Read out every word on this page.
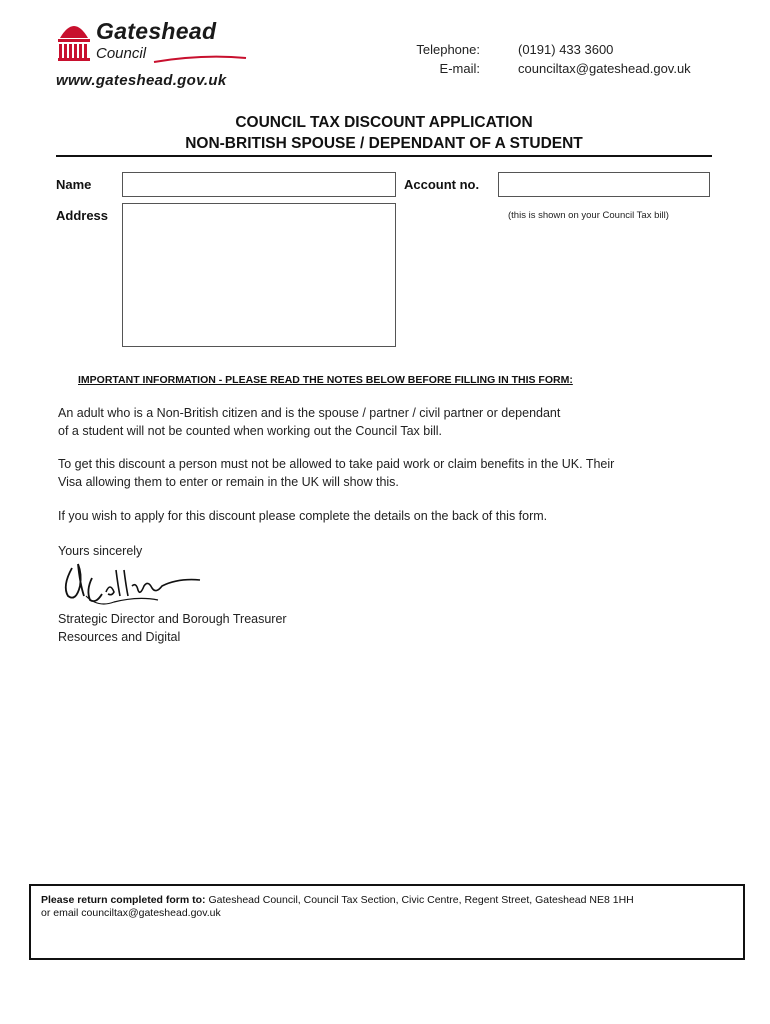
Gateshead
Council
www.gateshead.gov.uk
Telephone:
E-mail:
(0191) 433 3600
counciltax@gateshead.gov.uk
COUNCIL TAX DISCOUNT APPLICATION
NON-BRITISH SPOUSE / DEPENDANT OF A STUDENT
Name	Account no.
(this is shown on your Council Tax bill)
Address
IMPORTANT INFORMATION - PLEASE READ THE NOTES BELOW BEFORE FILLING IN THIS FORM:
An adult who is a Non-British citizen and is the spouse / partner / civil partner or dependant
of a student will not be counted when working out the Council Tax bill.
To get this discount a person must not be allowed to take paid work or claim benefits in the UK. Their
Visa allowing them to enter or remain in the UK will show this.
If you wish to apply for this discount please complete the details on the back of this form.
Yours sincerely
Strategic Director and Borough Treasurer
Resources and Digital
Please return completed form to: Gateshead Council, Council Tax Section, Civic Centre, Regent Street, Gateshead NE8 1HH
or email counciltax@gateshead.gov.uk
